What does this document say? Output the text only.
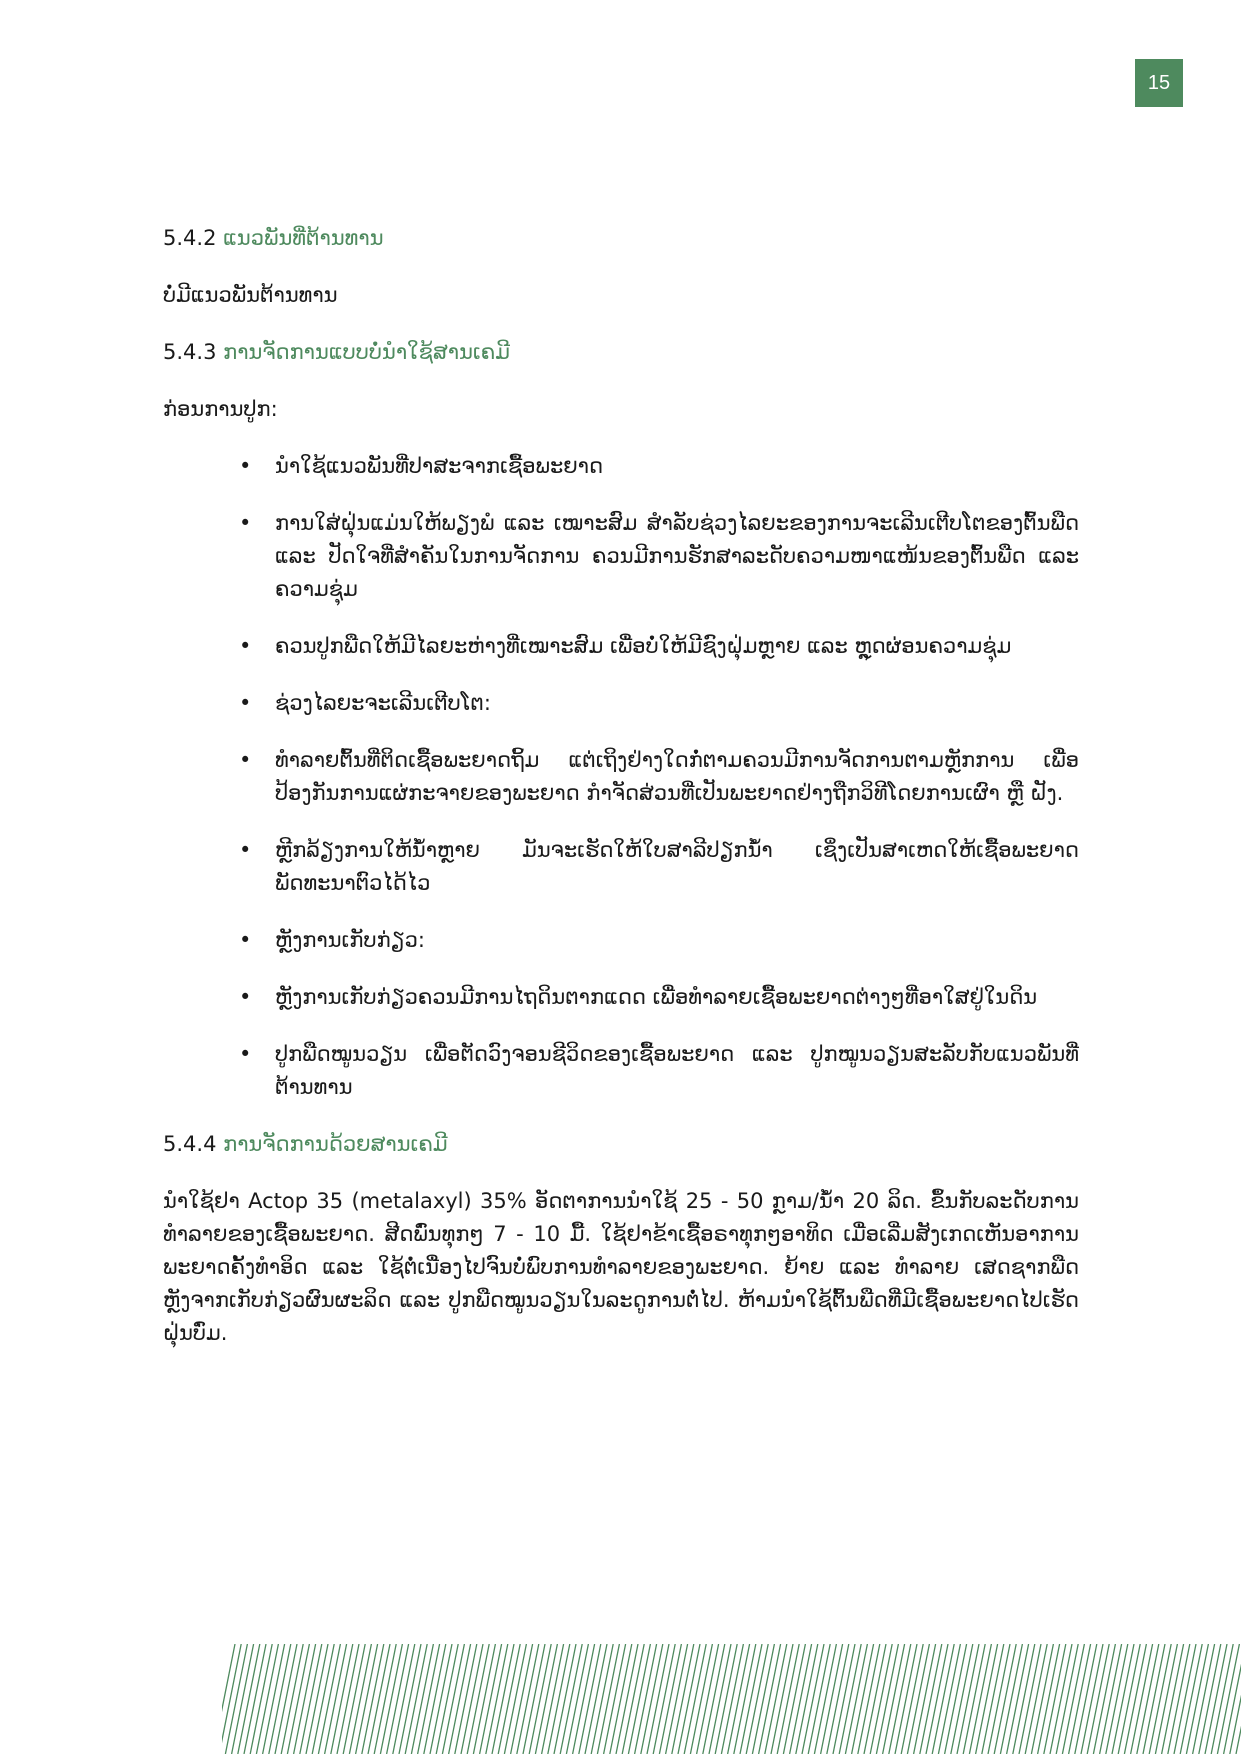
15
5.4.2 ແນວພັນທີ່ຕ້ານທານ

ບໍ່ມີແນວພັນຕ້ານທານ

5.4.3 ການຈັດການແບບບໍ່ນຳໃຊ້ສານເຄມີ

ກ່ອນການປູກ:

• ນຳໃຊ້ແນວພັນທີ່ປາສະຈາກເຊື້ອພະຍາດ
• ການໃສ່ຝຸ່ນແມ່ນໃຫ້ພຽງພໍ ແລະ ເໝາະສົມ ສຳລັບຊ່ວງໄລຍະຂອງການຈະເລີນເຕີບໂຕຂອງຕົ້ນພືດ ແລະ ປັດໃຈທີ່ສຳຄັນໃນການຈັດການ ຄວນມີການຮັກສາລະດັບຄວາມໜາແໜ້ນຂອງຕົ້ນພືດ ແລະ ຄວາມຊຸ່ມ
• ຄວນປູກພືດໃຫ້ມີໄລຍະຫ່າງທີ່ເໝາະສົມ ເພື່ອບໍ່ໃຫ້ມີຊົງຝຸ່ມຫຼາຍ ແລະ ຫຼຸດຜ່ອນຄວາມຊຸ່ມ
• ຊ່ວງໄລຍະຈະເລີນເຕີບໂຕ:
• ທຳລາຍຕົ້ນທີ່ຕິດເຊື້ອພະຍາດຖິ້ມ ແຕ່ເຖິງຢ່າງໃດກໍ່ຕາມຄວນມີການຈັດການຕາມຫຼັກການ ເພື່ອປ້ອງກັນການແຜ່ກະຈາຍຂອງພະຍາດ ກຳຈັດສ່ວນທີ່ເປັນພະຍາດຢ່າງຖືກວິທີໂດຍການເຜົາ ຫຼື ຝັງ.
• ຫຼີກລ້ຽງການໃຫ້ນ້ຳຫຼາຍ ມັນຈະເຮັດໃຫ້ໃບສາລີປຽກນ້ຳ ເຊິ່ງເປັນສາເຫດໃຫ້ເຊື້ອພະຍາດພັດທະນາຕົວໄດ້ໄວ
• ຫຼັງການເກັບກ່ຽວ:
• ຫຼັງການເກັບກ່ຽວຄວນມີການໄຖດິນຕາກແດດ ເພື່ອທຳລາຍເຊື້ອພະຍາດຕ່າງໆທີ່ອາໃສຢູ່ໃນດິນ
• ປູກພືດໝູນວຽນ ເພື່ອຕັດວົງຈອນຊີວິດຂອງເຊື້ອພະຍາດ ແລະ ປູກໝູນວຽນສະລັບກັບແນວພັນທີ່ຕ້ານທານ
5.4.4 ການຈັດການດ້ວຍສານເຄມີ

ນຳໃຊ້ຢາ Actop 35 (metalaxyl) 35% ອັດຕາການນຳໃຊ້ 25 - 50 ກຼາມ/ນ້ຳ 20 ລິດ. ຂຶ້ນກັບລະດັບການທຳລາຍຂອງເຊື້ອພະຍາດ. ສີດພົ່ນທຸກໆ 7 - 10 ມື້. ໃຊ້ຢາຂ້າເຊື້ອຣາທຸກໆອາທິດ ເມື່ອເລີ່ມສັງເກດເຫັນອາການພະຍາດຄັ້ງທຳອິດ ແລະ ໃຊ້ຕໍ່ເນື່ອງໄປຈົນບໍ່ພົບການທຳລາຍຂອງພະຍາດ. ຍ້າຍ ແລະ ທຳລາຍ ເສດຊາກພືດ ຫຼັງຈາກເກັບກ່ຽວຜົນຜະລິດ ແລະ ປູກພືດໝູນວຽນໃນລະດູການຕໍ່ໄປ. ຫ້າມນຳໃຊ້ຕົ້ນພືດທີ່ມີເຊື້ອພະຍາດໄປເຮັດຝຸ່ນບົ່ມ.
